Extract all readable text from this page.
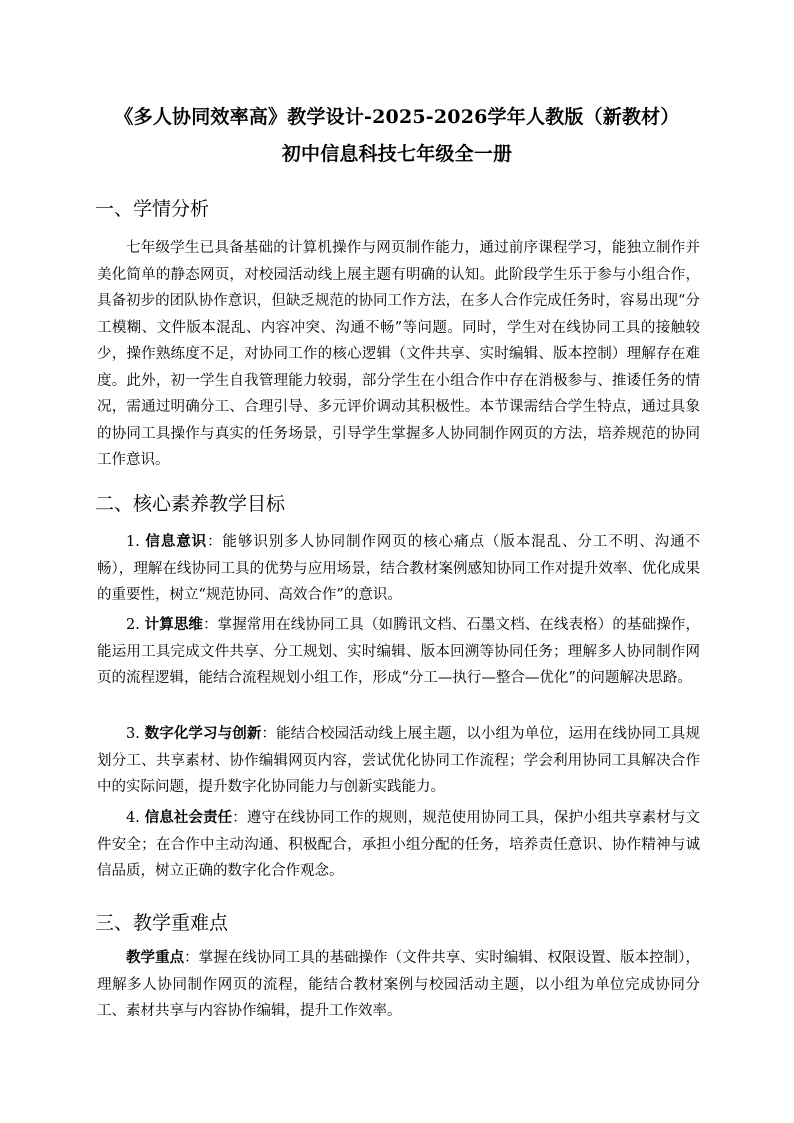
《多人协同效率高》教学设计-2025-2026学年人教版（新教材）
初中信息科技七年级全一册
一、学情分析
七年级学生已具备基础的计算机操作与网页制作能力，通过前序课程学习，能独立制作并美化简单的静态网页，对校园活动线上展主题有明确的认知。此阶段学生乐于参与小组合作，具备初步的团队协作意识，但缺乏规范的协同工作方法，在多人合作完成任务时，容易出现“分工模糊、文件版本混乱、内容冲突、沟通不畅”等问题。同时，学生对在线协同工具的接触较少，操作熟练度不足，对协同工作的核心逻辑（文件共享、实时编辑、版本控制）理解存在难度。此外，初一学生自我管理能力较弱，部分学生在小组合作中存在消极参与、推诿任务的情况，需通过明确分工、合理引导、多元评价调动其积极性。本节课需结合学生特点，通过具象的协同工具操作与真实的任务场景，引导学生掌握多人协同制作网页的方法，培养规范的协同工作意识。
二、核心素养教学目标
1. 信息意识：能够识别多人协同制作网页的核心痛点（版本混乱、分工不明、沟通不畅），理解在线协同工具的优势与应用场景，结合教材案例感知协同工作对提升效率、优化成果的重要性，树立“规范协同、高效合作”的意识。
2. 计算思维：掌握常用在线协同工具（如腾讯文档、石墨文档、在线表格）的基础操作，能运用工具完成文件共享、分工规划、实时编辑、版本回溯等协同任务；理解多人协同制作网页的流程逻辑，能结合流程规划小组工作，形成“分工—执行—整合—优化”的问题解决思路。
3. 数字化学习与创新：能结合校园活动线上展主题，以小组为单位，运用在线协同工具规划分工、共享素材、协作编辑网页内容，尝试优化协同工作流程；学会利用协同工具解决合作中的实际问题，提升数字化协同能力与创新实践能力。
4. 信息社会责任：遵守在线协同工作的规则，规范使用协同工具，保护小组共享素材与文件安全；在合作中主动沟通、积极配合，承担小组分配的任务，培养责任意识、协作精神与诚信品质，树立正确的数字化合作观念。
三、教学重难点
教学重点：掌握在线协同工具的基础操作（文件共享、实时编辑、权限设置、版本控制），理解多人协同制作网页的流程，能结合教材案例与校园活动主题，以小组为单位完成协同分工、素材共享与内容协作编辑，提升工作效率。
